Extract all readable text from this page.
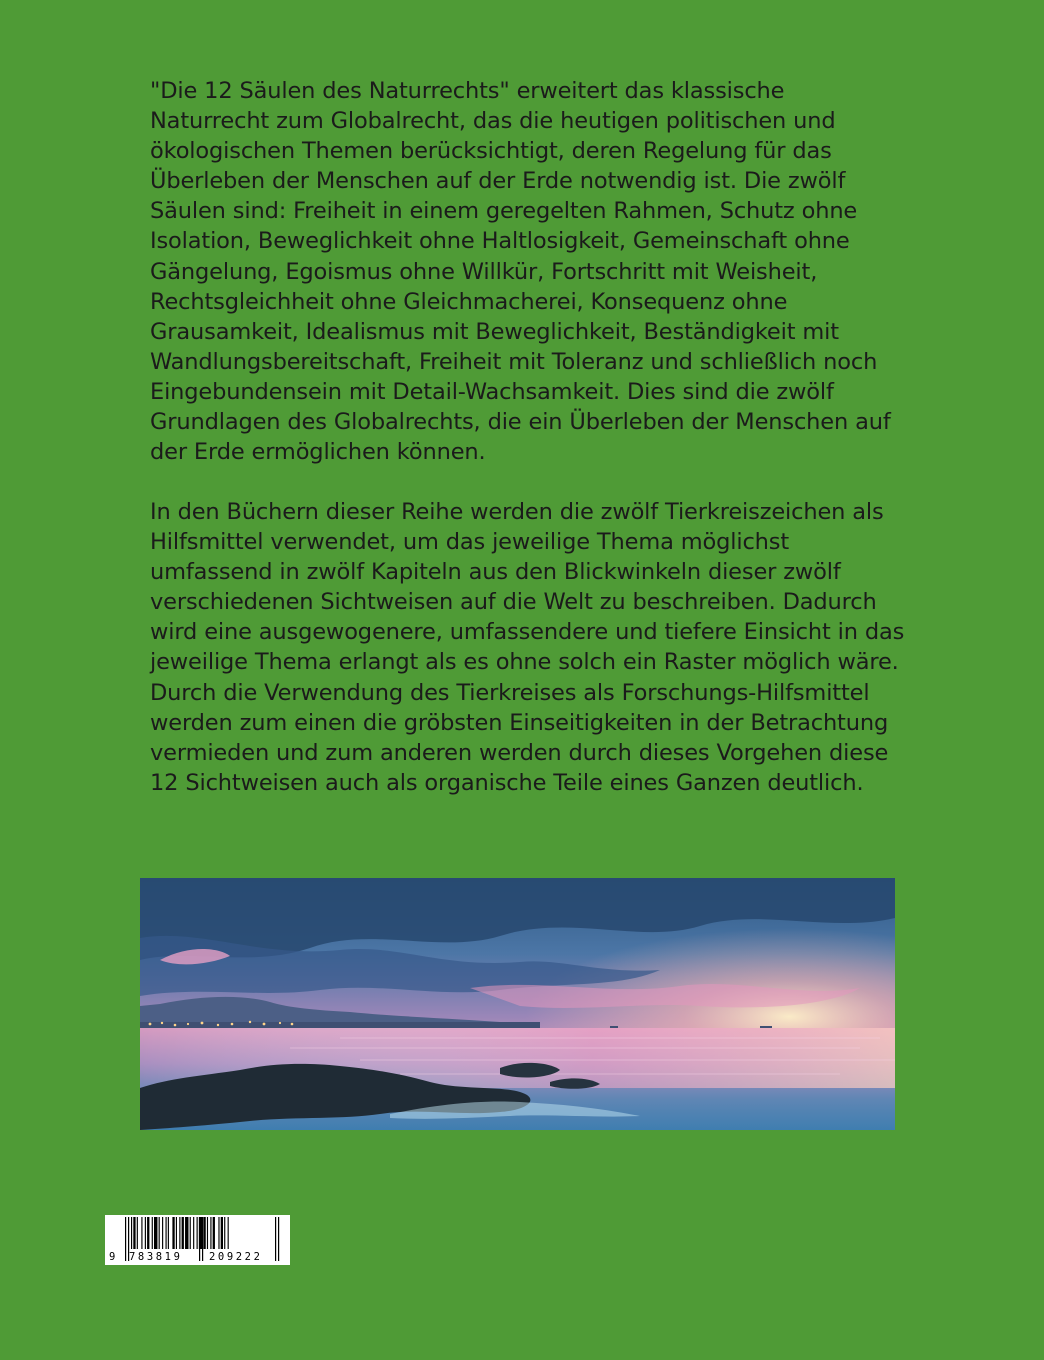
"Die 12 Säulen des Naturrechts" erweitert das klassische
Naturrecht zum Globalrecht, das die heutigen politischen und
ökologischen Themen berücksichtigt, deren Regelung für das
Überleben der Menschen auf der Erde notwendig ist. Die zwölf
Säulen sind: Freiheit in einem geregelten Rahmen, Schutz ohne
Isolation, Beweglichkeit ohne Haltlosigkeit, Gemeinschaft ohne
Gängelung, Egoismus ohne Willkür, Fortschritt mit Weisheit,
Rechtsgleichheit ohne Gleichmacherei, Konsequenz ohne
Grausamkeit, Idealismus mit Beweglichkeit, Beständigkeit mit
Wandlungsbereitschaft, Freiheit mit Toleranz und schließlich noch
Eingebundensein mit Detail-Wachsamkeit. Dies sind die zwölf
Grundlagen des Globalrechts, die ein Überleben der Menschen auf
der Erde ermöglichen können.
In den Büchern dieser Reihe werden die zwölf Tierkreiszeichen als
Hilfsmittel verwendet, um das jeweilige Thema möglichst
umfassend in zwölf Kapiteln aus den Blickwinkeln dieser zwölf
verschiedenen Sichtweisen auf die Welt zu beschreiben. Dadurch
wird eine ausgewogenere, umfassendere und tiefere Einsicht in das
jeweilige Thema erlangt als es ohne solch ein Raster möglich wäre.
Durch die Verwendung des Tierkreises als Forschungs-Hilfsmittel
werden zum einen die gröbsten Einseitigkeiten in der Betrachtung
vermieden und zum anderen werden durch dieses Vorgehen diese
12 Sichtweisen auch als organische Teile eines Ganzen deutlich.
9 783819	209222
